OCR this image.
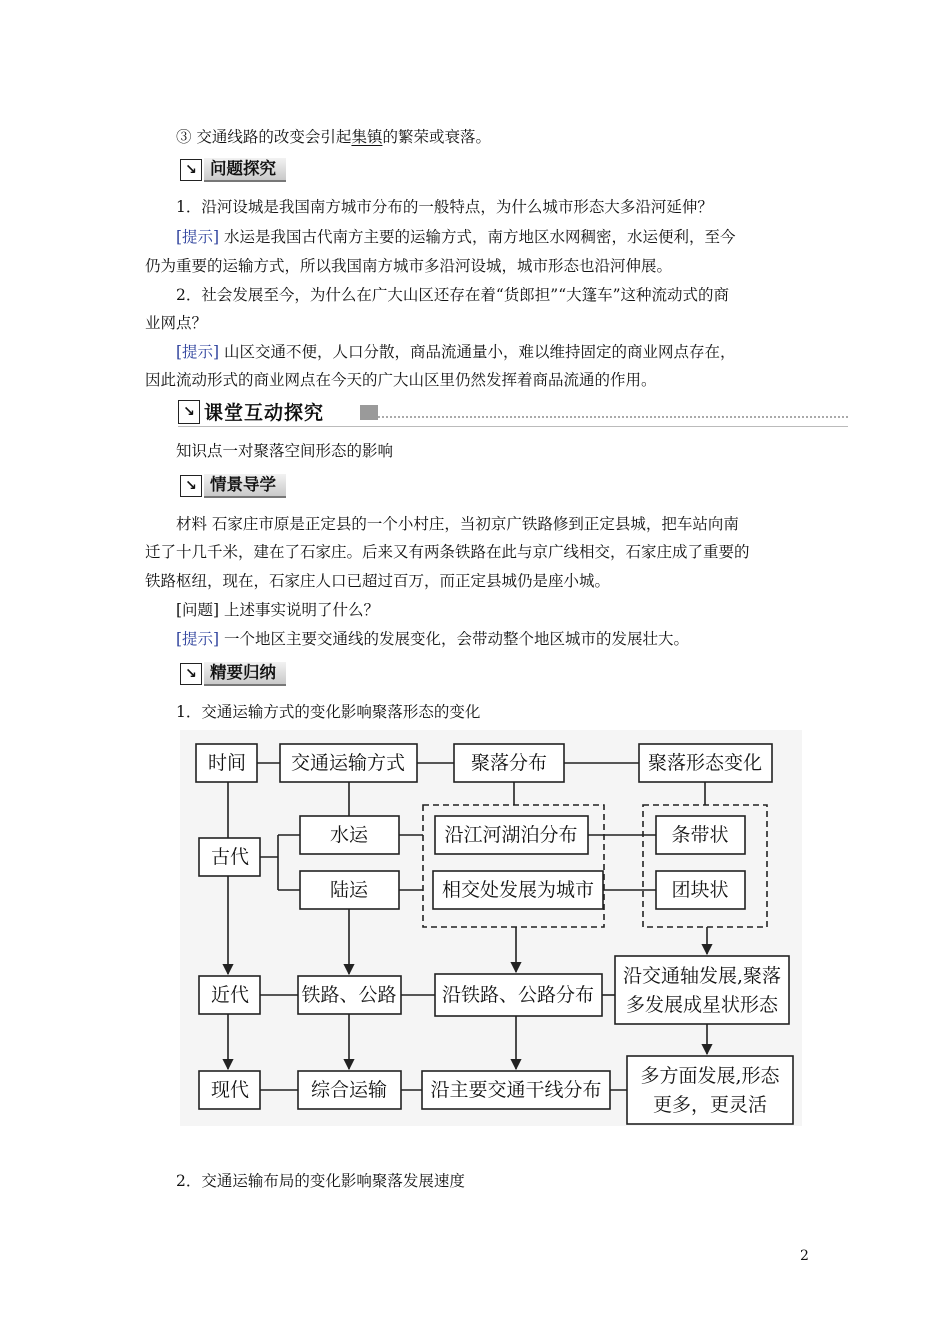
③ 交通线路的改变会引起集镇的繁荣或衰落。
↘ 问题探究
1．沿河设城是我国南方城市分布的一般特点，为什么城市形态大多沿河延伸？
[提示] 水运是我国古代南方主要的运输方式，南方地区水网稠密，水运便利，至今
仍为重要的运输方式，所以我国南方城市多沿河设城，城市形态也沿河伸展。
2．社会发展至今，为什么在广大山区还存在着“货郎担”“大篷车”这种流动式的商
业网点？
[提示] 山区交通不便，人口分散，商品流通量小，难以维持固定的商业网点存在，
因此流动形式的商业网点在今天的广大山区里仍然发挥着商品流通的作用。
↘ 课堂互动探究
知识点一对聚落空间形态的影响
↘ 情景导学
材料 石家庄市原是正定县的一个小村庄，当初京广铁路修到正定县城，把车站向南
迁了十几千米，建在了石家庄。后来又有两条铁路在此与京广线相交，石家庄成了重要的
铁路枢纽，现在，石家庄人口已超过百万，而正定县城仍是座小城。
[问题] 上述事实说明了什么？
[提示] 一个地区主要交通线的发展变化，会带动整个地区城市的发展壮大。
↘ 精要归纳
1．交通运输方式的变化影响聚落形态的变化
时间 交通运输方式	聚落分布	聚落形态变化
古代
水运
陆运
沿江河湖泊分布
相交处发展为城市
条带状
团块状
近代	铁路、公路 沿铁路、公路分布
沿交通轴发展,聚落
多发展成星状形态
现代	综合运输 沿主要交通干线分布
多方面发展,形态
更多，更灵活
2．交通运输布局的变化影响聚落发展速度
2
